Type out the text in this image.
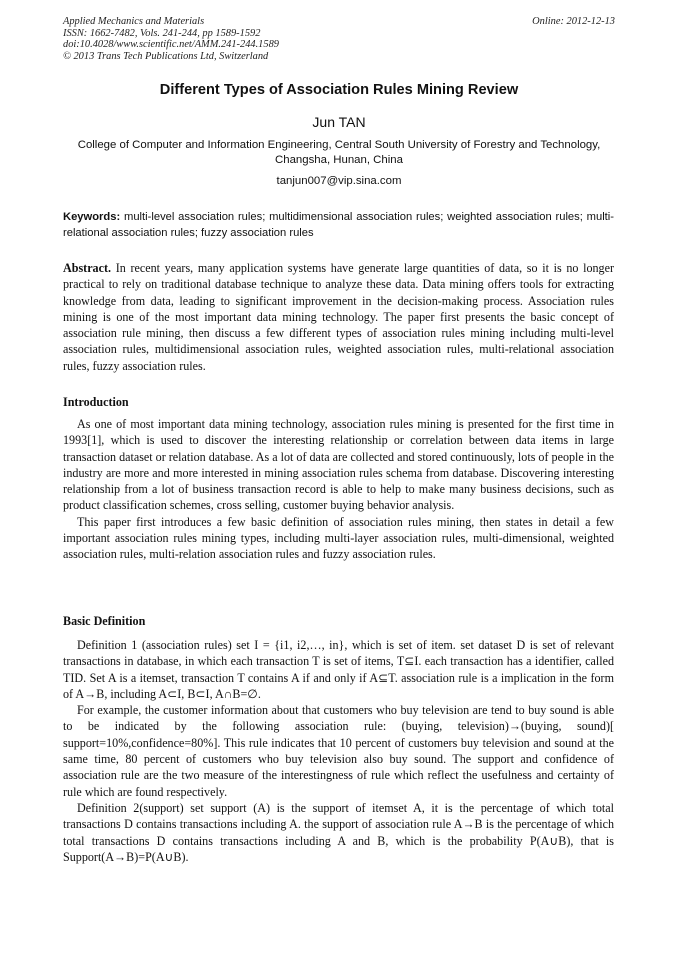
Applied Mechanics and Materials
ISSN: 1662-7482, Vols. 241-244, pp 1589-1592
doi:10.4028/www.scientific.net/AMM.241-244.1589
© 2013 Trans Tech Publications Ltd, Switzerland
Online: 2012-12-13
Different Types of Association Rules Mining Review
Jun TAN
College of Computer and Information Engineering, Central South University of Forestry and Technology, Changsha, Hunan, China
tanjun007@vip.sina.com
Keywords: multi-level association rules; multidimensional association rules; weighted association rules; multi-relational association rules; fuzzy association rules

Abstract. In recent years, many application systems have generate large quantities of data, so it is no longer practical to rely on traditional database technique to analyze these data. Data mining offers tools for extracting knowledge from data, leading to significant improvement in the decision-making process. Association rules mining is one of the most important data mining technology. The paper first presents the basic concept of association rule mining, then discuss a few different types of association rules mining including multi-level association rules, multidimensional association rules, weighted association rules, multi-relational association rules, fuzzy association rules.

Introduction

As one of most important data mining technology, association rules mining is presented for the first time in 1993[1], which is used to discover the interesting relationship or correlation between data items in large transaction dataset or relation database. As a lot of data are collected and stored continuously, lots of people in the industry are more and more interested in mining association rules schema from database. Discovering interesting relationship from a lot of business transaction record is able to help to make many business decisions, such as product classification schemes, cross selling, customer buying behavior analysis.

This paper first introduces a few basic definition of association rules mining, then states in detail a few important association rules mining types, including multi-layer association rules, multi-dimensional, weighted association rules, multi-relation association rules and fuzzy association rules.

Basic Definition

Definition 1 (association rules) set I = {i1, i2,…, in}, which is set of item. set dataset D is set of relevant transactions in database, in which each transaction T is set of items, T⊆I. each transaction has a identifier, called TID. Set A is a itemset, transaction T contains A if and only if A⊆T. association rule is a implication in the form of A→B, including A⊂I, B⊂I, A∩B=∅.

For example, the customer information about that customers who buy television are tend to buy sound is able to be indicated by the following association rule: (buying, television)→(buying, sound)[ support=10%,confidence=80%]. This rule indicates that 10 percent of customers buy television and sound at the same time, 80 percent of customers who buy television also buy sound. The support and confidence of association rule are the two measure of the interestingness of rule which reflect the usefulness and certainty of rule which are found respectively.

Definition 2(support) set support (A) is the support of itemset A, it is the percentage of which total transactions D contains transactions including A. the support of association rule A→B is the percentage of which total transactions D contains transactions including A and B, which is the probability P(A∪B), that is Support(A→B)=P(A∪B).
